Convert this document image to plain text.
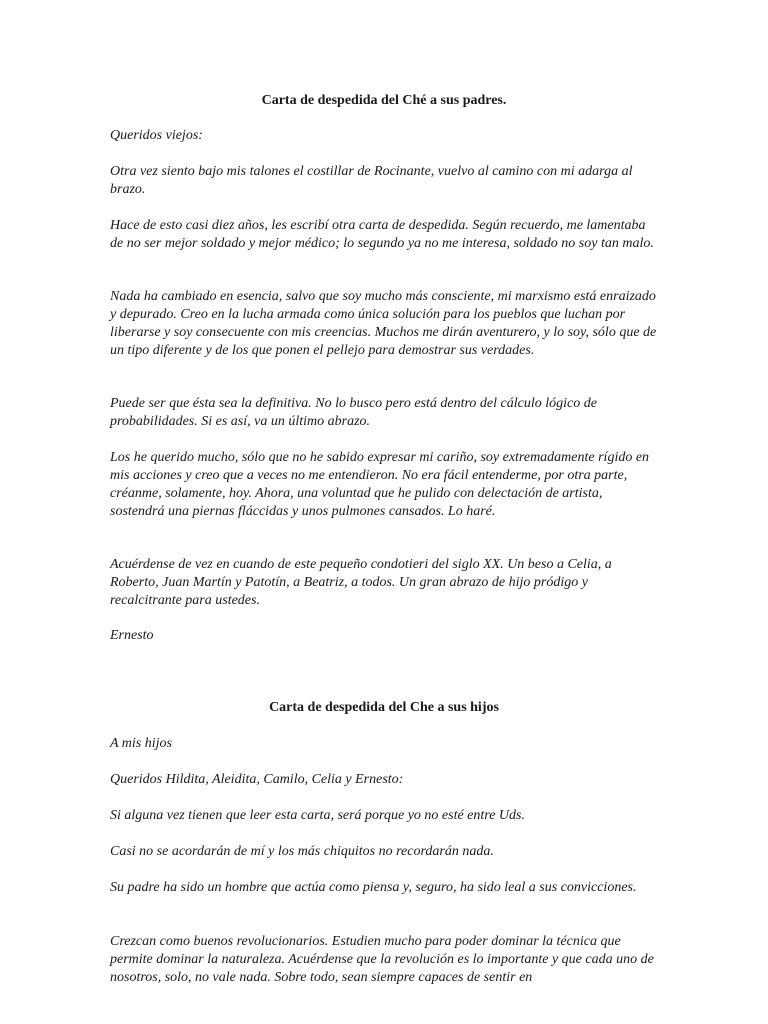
Carta de despedida del Ché a sus padres.

Queridos viejos:

Otra vez siento bajo mis talones el costillar de Rocinante, vuelvo al camino con mi adarga al brazo.

Hace de esto casi diez años, les escribí otra carta de despedida. Según recuerdo, me lamentaba de no ser mejor soldado y mejor médico; lo segundo ya no me interesa, soldado no soy tan malo.

Nada ha cambiado en esencia, salvo que soy mucho más consciente, mi marxismo está enraizado y depurado. Creo en la lucha armada como única solución para los pueblos que luchan por liberarse y soy consecuente con mis creencias. Muchos me dirán aventurero, y lo soy, sólo que de un tipo diferente y de los que ponen el pellejo para demostrar sus verdades.

Puede ser que ésta sea la definitiva. No lo busco pero está dentro del cálculo lógico de probabilidades. Si es así, va un último abrazo.

Los he querido mucho, sólo que no he sabido expresar mi cariño, soy extremadamente rígido en mis acciones y creo que a veces no me entendieron. No era fácil entenderme, por otra parte, créanme, solamente, hoy. Ahora, una voluntad que he pulido con delectación de artista, sostendrá una piernas fláccidas y unos pulmones cansados. Lo haré.

Acuérdense de vez en cuando de este pequeño condotieri del siglo XX. Un beso a Celia, a Roberto, Juan Martín y Patotín, a Beatriz, a todos. Un gran abrazo de hijo pródigo y recalcitrante para ustedes.

Ernesto

Carta de despedida del Che a sus hijos

A mis hijos

Queridos Hildita, Aleidita, Camilo, Celia y Ernesto:

Si alguna vez tienen que leer esta carta, será porque yo no esté entre Uds.

Casi no se acordarán de mí y los más chiquitos no recordarán nada.

Su padre ha sido un hombre que actúa como piensa y, seguro, ha sido leal a sus convicciones.

Crezcan como buenos revolucionarios. Estudien mucho para poder dominar la técnica que permite dominar la naturaleza. Acuérdense que la revolución es lo importante y que cada uno de nosotros, solo, no vale nada. Sobre todo, sean siempre capaces de sentir en
